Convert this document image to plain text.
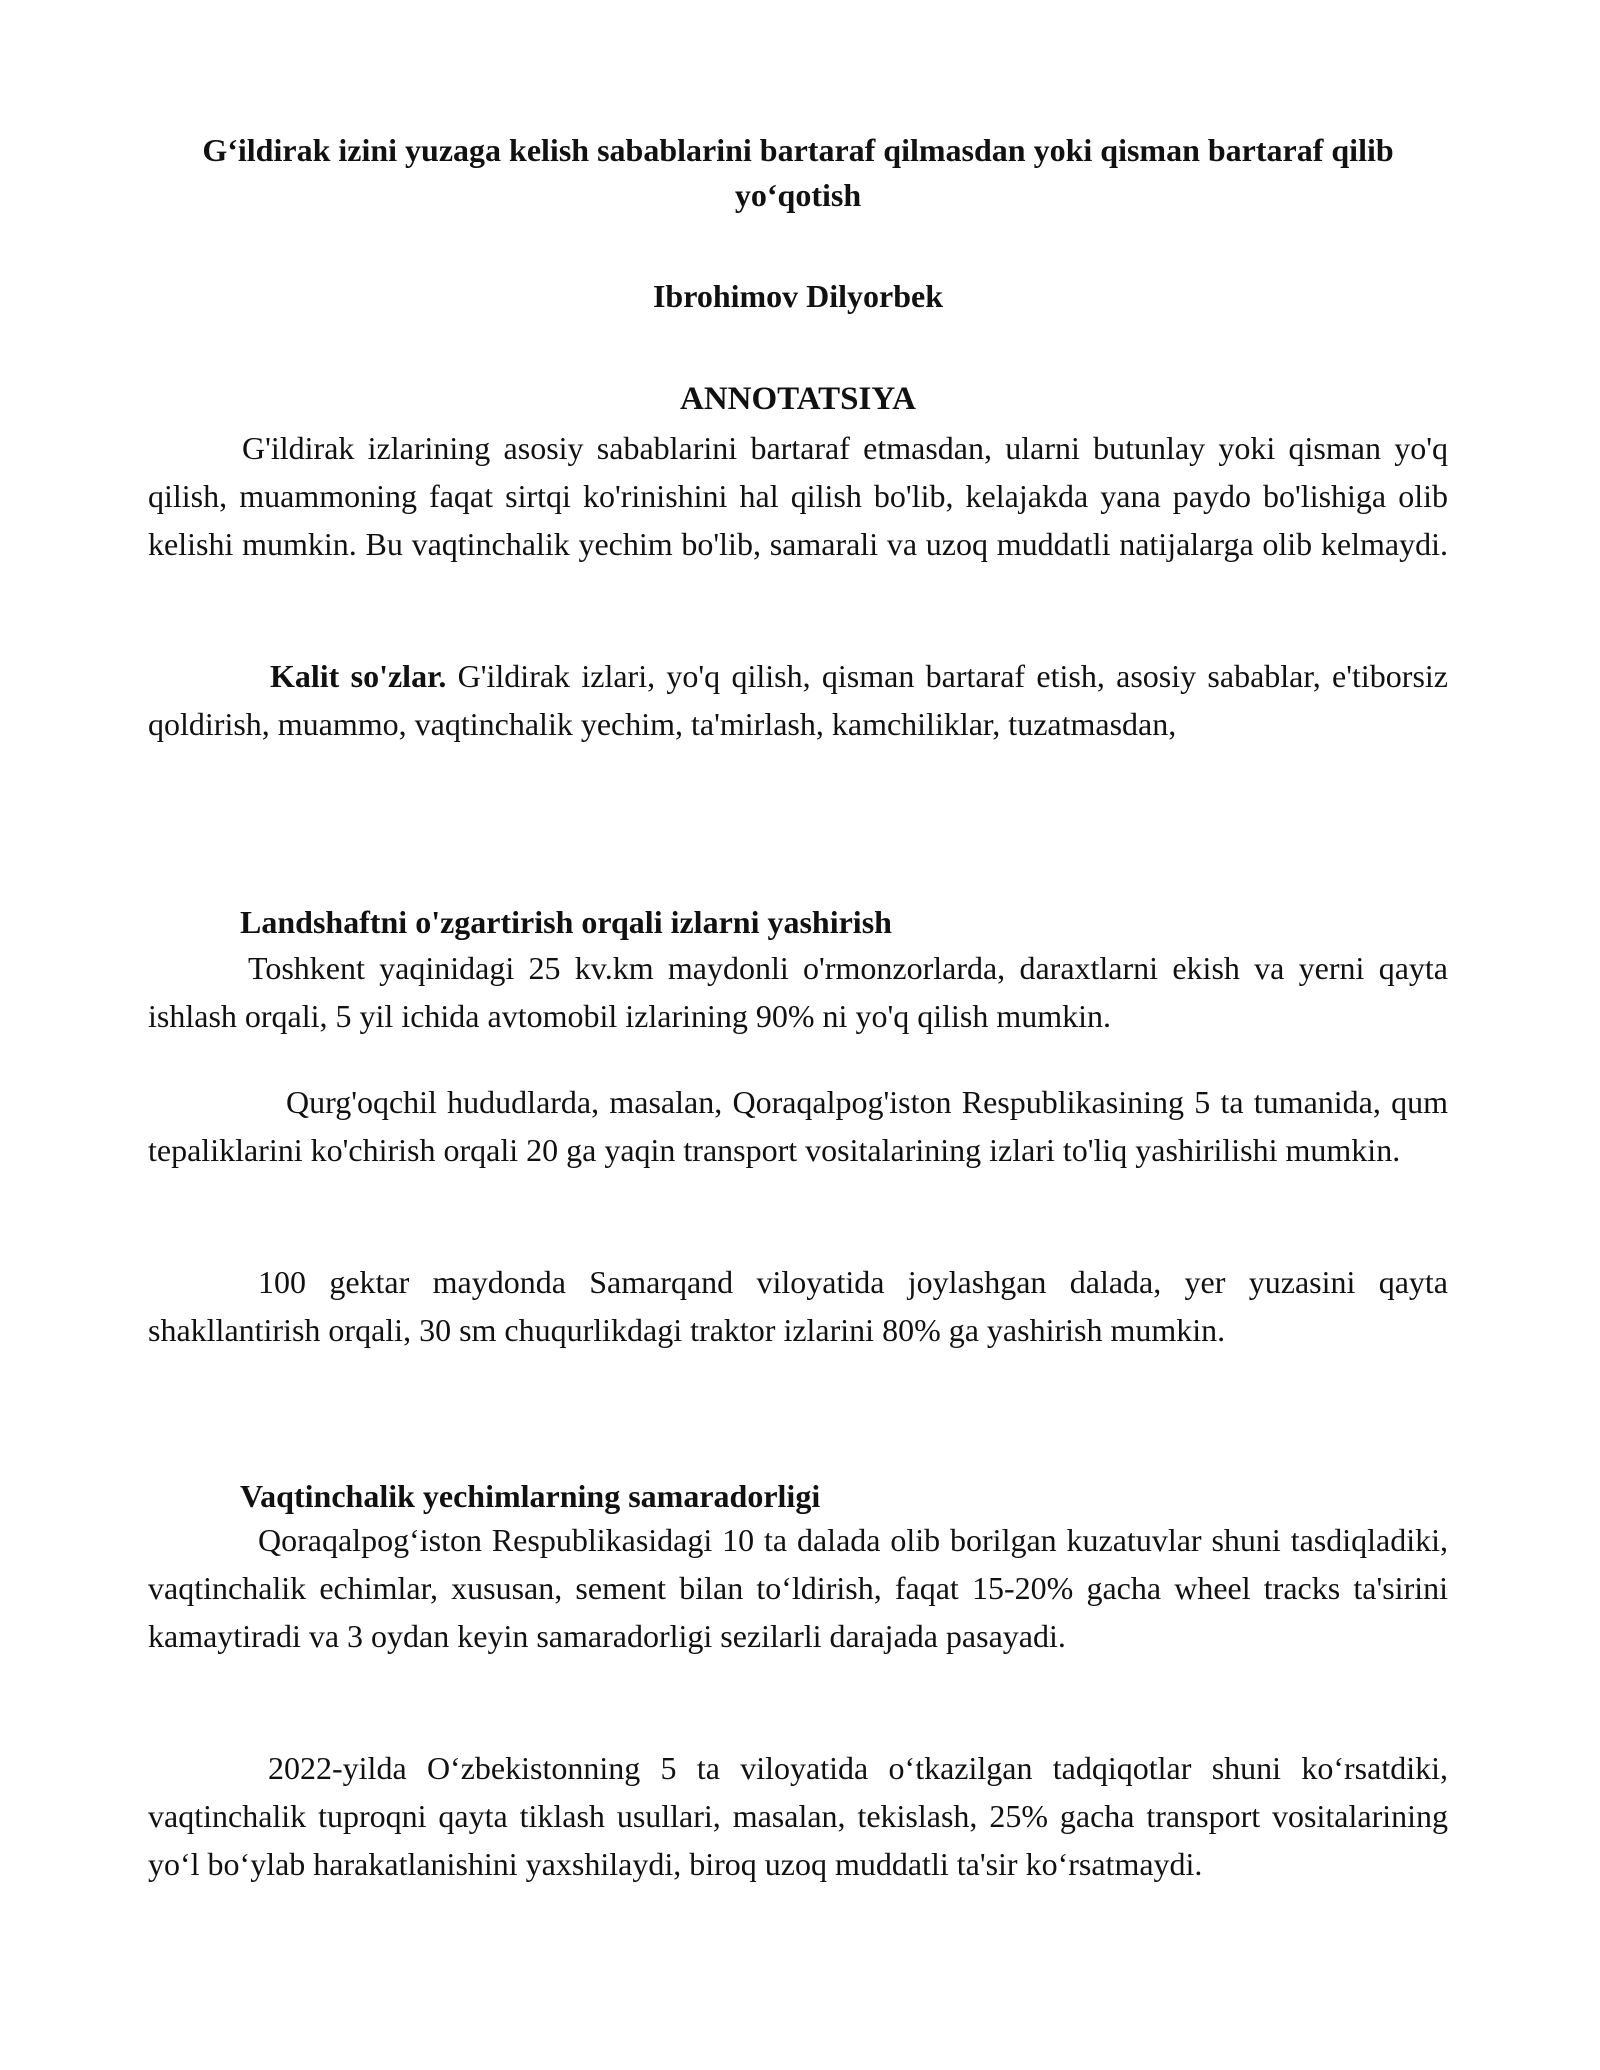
G‘ildirak izini yuzaga kelish sabablarini bartaraf qilmasdan yoki qisman bartaraf qilib yo‘qotish
Ibrohimov Dilyorbek
ANNOTATSIYA

G'ildirak izlarining asosiy sabablarini bartaraf etmasdan, ularni butunlay yoki qisman yo'q qilish, muammoning faqat sirtqi ko'rinishini hal qilish bo'lib, kelajakda yana paydo bo'lishiga olib kelishi mumkin. Bu vaqtinchalik yechim bo'lib, samarali va uzoq muddatli natijalarga olib kelmaydi.

Kalit so'zlar. G'ildirak izlari, yo'q qilish, qisman bartaraf etish, asosiy sabablar, e'tiborsiz qoldirish, muammo, vaqtinchalik yechim, ta'mirlash, kamchiliklar, tuzatmasdan,

Landshaftni o'zgartirish orqali izlarni yashirish

Toshkent yaqinidagi 25 kv.km maydonli o'rmonzorlarda, daraxtlarni ekish va yerni qayta ishlash orqali, 5 yil ichida avtomobil izlarining 90% ni yo'q qilish mumkin.

Qurg'oqchil hududlarda, masalan, Qoraqalpog'iston Respublikasining 5 ta tumanida, qum tepaliklarini ko'chirish orqali 20 ga yaqin transport vositalarining izlari to'liq yashirilishi mumkin.

100 gektar maydonda Samarqand viloyatida joylashgan dalada, yer yuzasini qayta shakllantirish orqali, 30 sm chuqurlikdagi traktor izlarini 80% ga yashirish mumkin.

Vaqtinchalik yechimlarning samaradorligi

Qoraqalpog‘iston Respublikasidagi 10 ta dalada olib borilgan kuzatuvlar shuni tasdiqladiki, vaqtinchalik echimlar, xususan, sement bilan to‘ldirish, faqat 15-20% gacha wheel tracks ta'sirini kamaytiradi va 3 oydan keyin samaradorligi sezilarli darajada pasayadi.

2022-yilda O‘zbekistonning 5 ta viloyatida o‘tkazilgan tadqiqotlar shuni ko‘rsatdiki, vaqtinchalik tuproqni qayta tiklash usullari, masalan, tekislash, 25% gacha transport vositalarining yo‘l bo‘ylab harakatlanishini yaxshilaydi, biroq uzoq muddatli ta'sir ko‘rsatmaydi.
